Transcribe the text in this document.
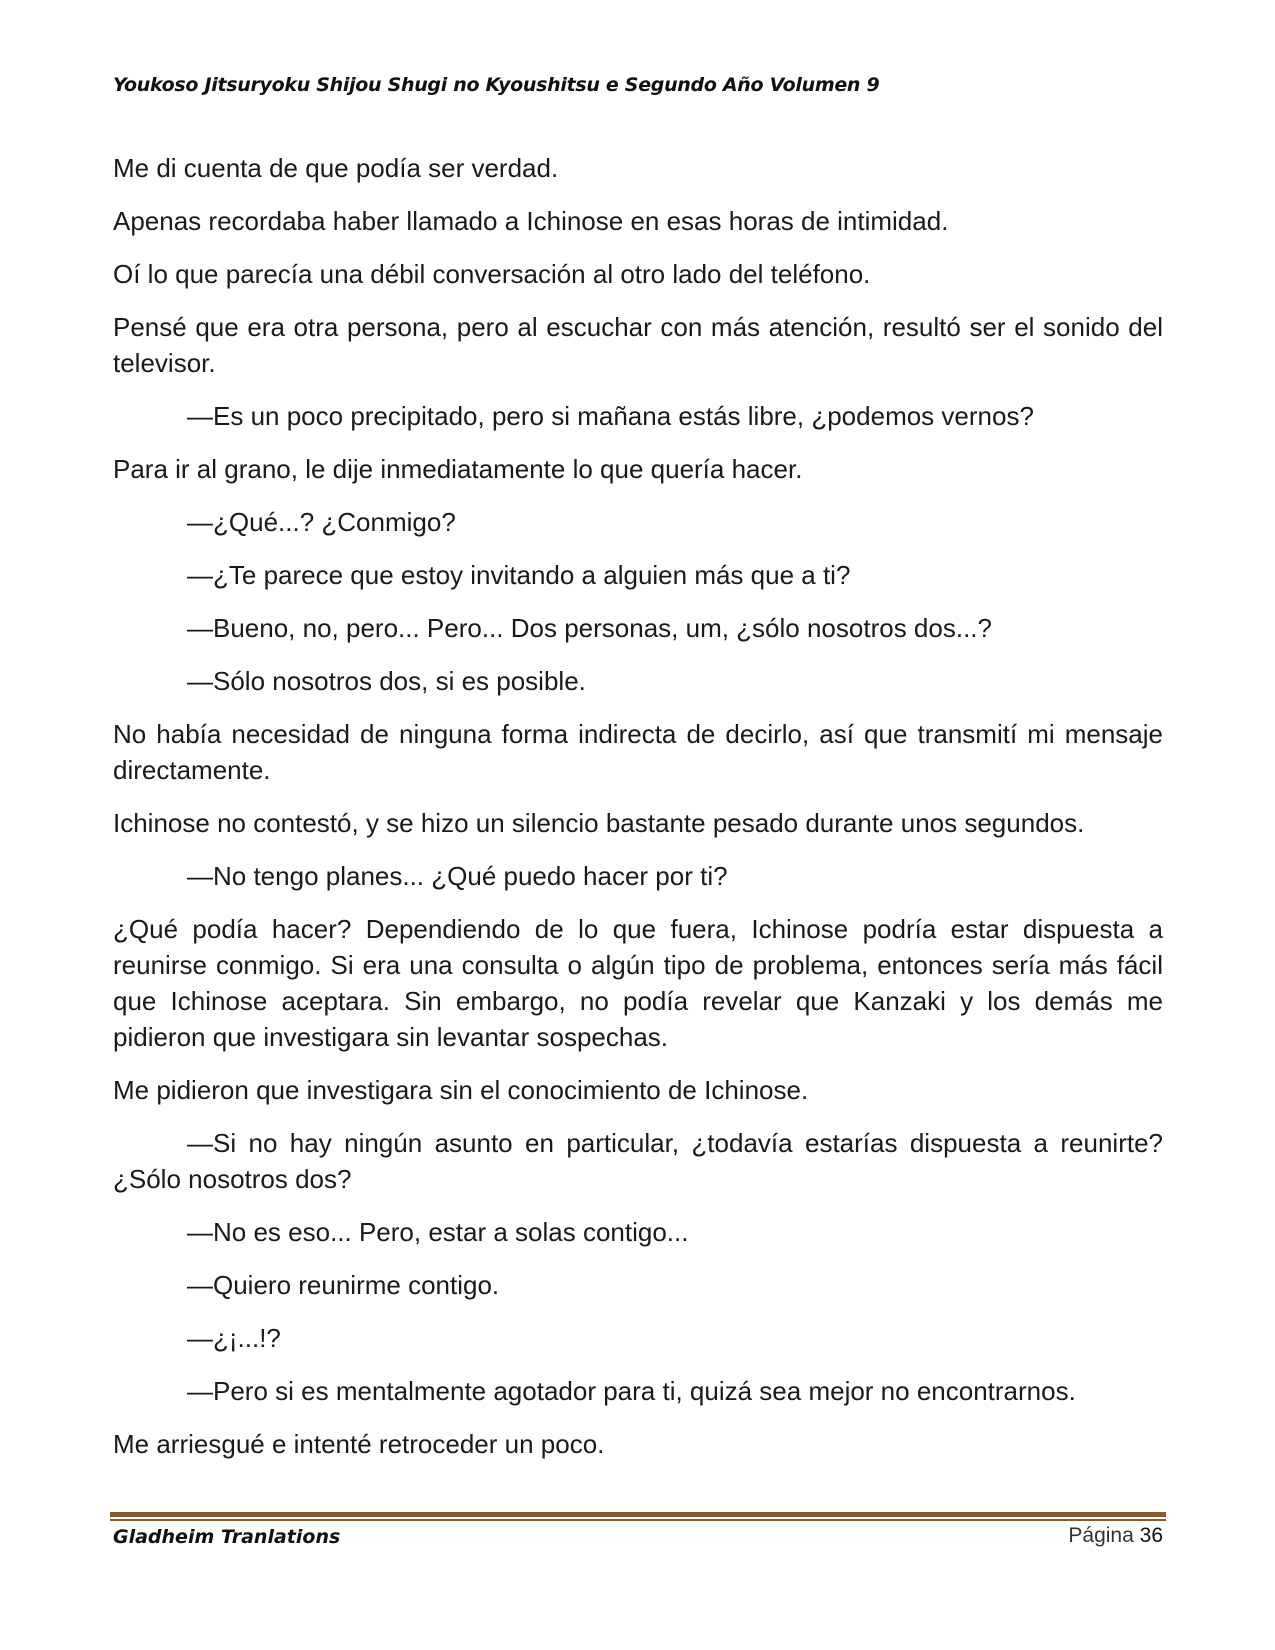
Youkoso Jitsuryoku Shijou Shugi no Kyoushitsu e Segundo Año Volumen 9

Me di cuenta de que podía ser verdad.

Apenas recordaba haber llamado a Ichinose en esas horas de intimidad.

Oí lo que parecía una débil conversación al otro lado del teléfono.

Pensé que era otra persona, pero al escuchar con más atención, resultó ser el sonido del televisor.

—Es un poco precipitado, pero si mañana estás libre, ¿podemos vernos?

Para ir al grano, le dije inmediatamente lo que quería hacer.

—¿Qué...? ¿Conmigo?

—¿Te parece que estoy invitando a alguien más que a ti?

—Bueno, no, pero... Pero... Dos personas, um, ¿sólo nosotros dos...?

—Sólo nosotros dos, si es posible.

No había necesidad de ninguna forma indirecta de decirlo, así que transmití mi mensaje directamente.

Ichinose no contestó, y se hizo un silencio bastante pesado durante unos segundos.

—No tengo planes... ¿Qué puedo hacer por ti?

¿Qué podía hacer? Dependiendo de lo que fuera, Ichinose podría estar dispuesta a reunirse conmigo. Si era una consulta o algún tipo de problema, entonces sería más fácil que Ichinose aceptara. Sin embargo, no podía revelar que Kanzaki y los demás me pidieron que investigara sin levantar sospechas.

Me pidieron que investigara sin el conocimiento de Ichinose.

—Si no hay ningún asunto en particular, ¿todavía estarías dispuesta a reunirte? ¿Sólo nosotros dos?

—No es eso... Pero, estar a solas contigo...

—Quiero reunirme contigo.

—¿¡...!?

—Pero si es mentalmente agotador para ti, quizá sea mejor no encontrarnos.

Me arriesgué e intenté retroceder un poco.

Gladheim Tranlations	Página 36
